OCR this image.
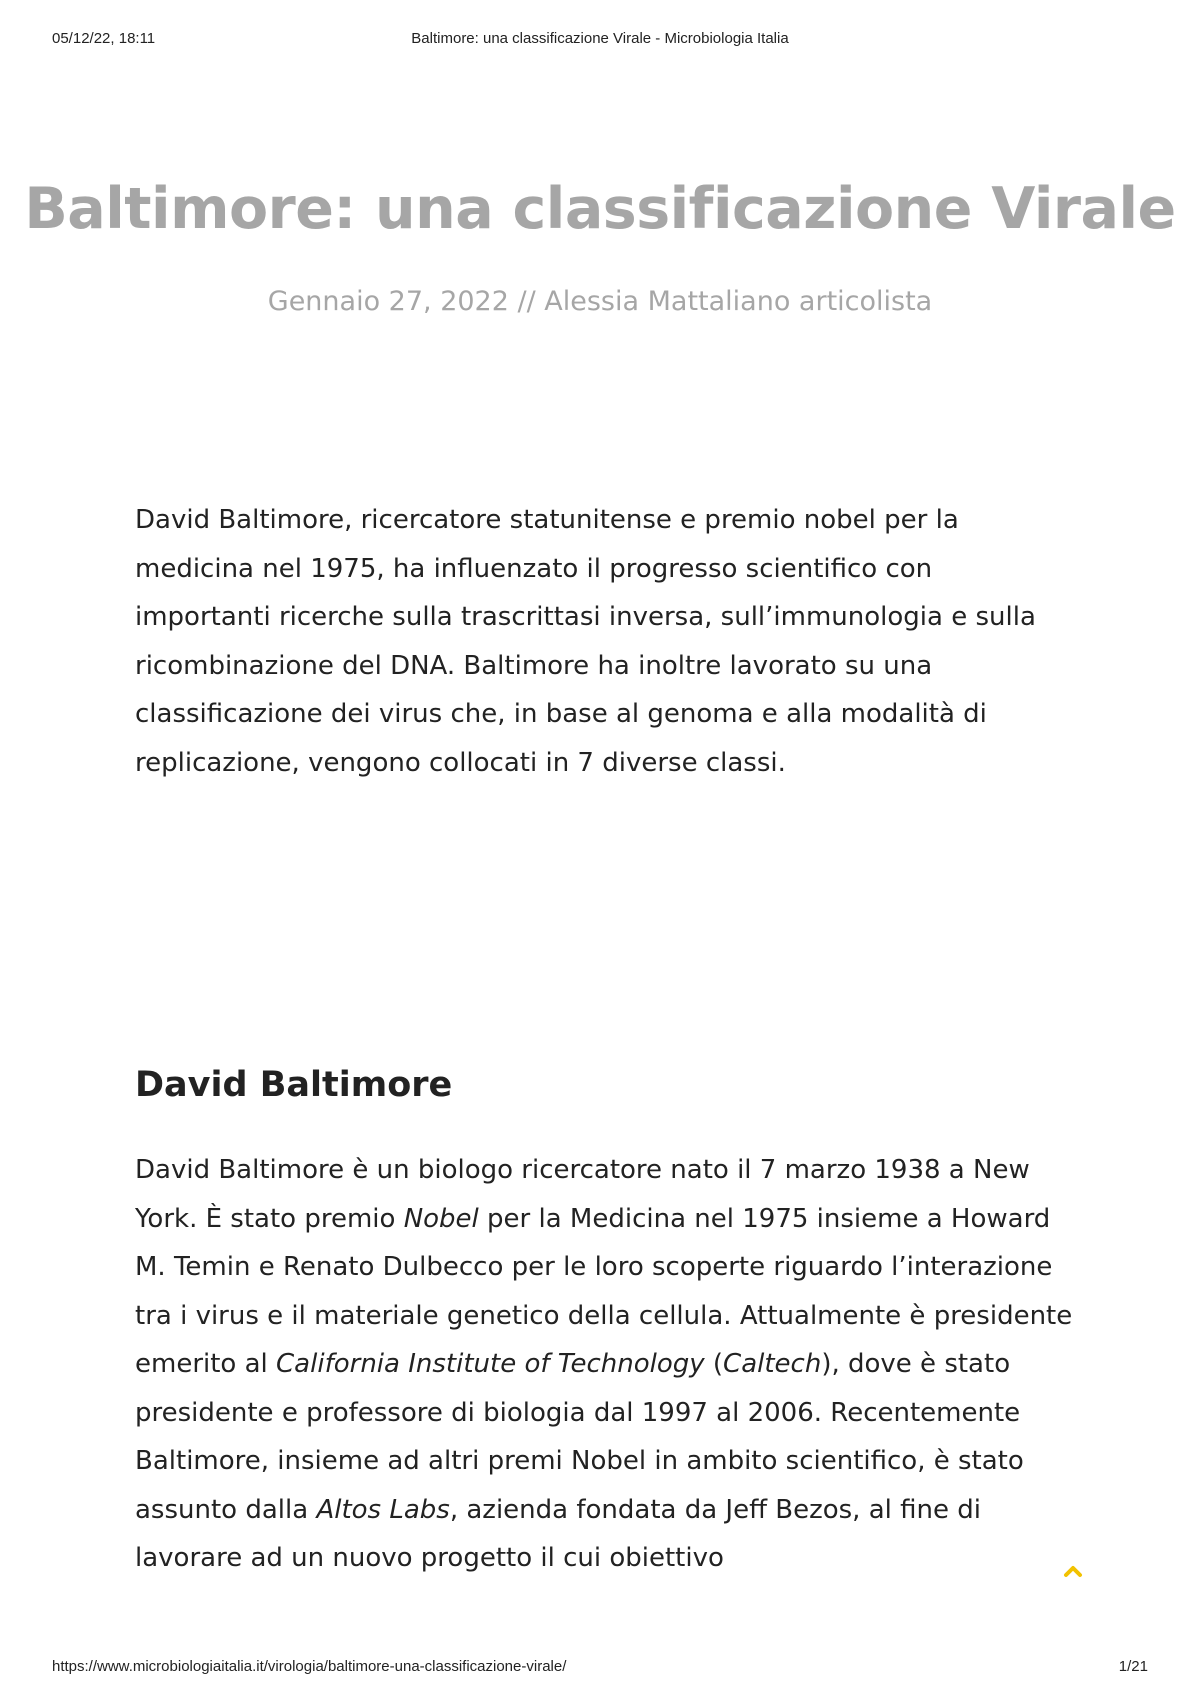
05/12/22, 18:11	Baltimore: una classificazione Virale - Microbiologia Italia
Baltimore: una classificazione Virale
Gennaio 27, 2022 // Alessia Mattaliano articolista

David Baltimore, ricercatore statunitense e premio nobel per la medicina nel 1975, ha influenzato il progresso scientifico con importanti ricerche sulla trascrittasi inversa, sull’immunologia e sulla ricombinazione del DNA. Baltimore ha inoltre lavorato su una classificazione dei virus che, in base al genoma e alla modalità di replicazione, vengono collocati in 7 diverse classi.

David Baltimore

David Baltimore è un biologo ricercatore nato il 7 marzo 1938 a New York. È stato premio Nobel per la Medicina nel 1975 insieme a Howard M. Temin e Renato Dulbecco per le loro scoperte riguardo l’interazione tra i virus e il materiale genetico della cellula. Attualmente è presidente emerito al California Institute of Technology (Caltech), dove è stato presidente e professore di biologia dal 1997 al 2006. Recentemente Baltimore, insieme ad altri premi Nobel in ambito scientifico, è stato assunto dalla Altos Labs, azienda fondata da Jeff Bezos, al fine di lavorare ad un nuovo progetto il cui obiettivo

https://www.microbiologiaitalia.it/virologia/baltimore-una-classificazione-virale/	1/21
